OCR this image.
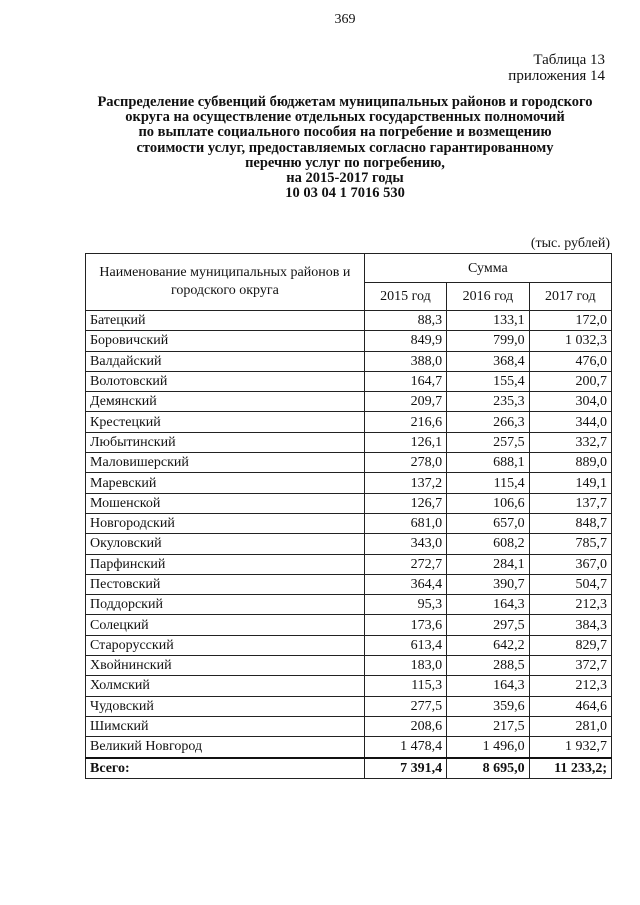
369
Таблица 13
приложения 14
Распределение субвенций бюджетам муниципальных районов и городского
округа на осуществление отдельных государственных полномочий
по выплате социального пособия на погребение и возмещению
стоимости услуг, предоставляемых согласно гарантированному
перечню услуг по погребению,
на 2015-2017 годы
10 03 04 1 7016 530
(тыс. рублей)
Наименование муниципальных районов и городского округа	Сумма		
	2015 год	2016 год	2017 год
Батецкий	88,3	133,1	172,0
Боровичский	849,9	799,0	1 032,3
Валдайский	388,0	368,4	476,0
Волотовский	164,7	155,4	200,7
Демянский	209,7	235,3	304,0
Крестецкий	216,6	266,3	344,0
Любытинский	126,1	257,5	332,7
Маловишерский	278,0	688,1	889,0
Маревский	137,2	115,4	149,1
Мошенской	126,7	106,6	137,7
Новгородский	681,0	657,0	848,7
Окуловский	343,0	608,2	785,7
Парфинский	272,7	284,1	367,0
Пестовский	364,4	390,7	504,7
Поддорский	95,3	164,3	212,3
Солецкий	173,6	297,5	384,3
Старорусский	613,4	642,2	829,7
Хвойнинский	183,0	288,5	372,7
Холмский	115,3	164,3	212,3
Чудовский	277,5	359,6	464,6
Шимский	208,6	217,5	281,0
Великий Новгород	1 478,4	1 496,0	1 932,7
Всего:	7 391,4	8 695,0	11 233,2;
